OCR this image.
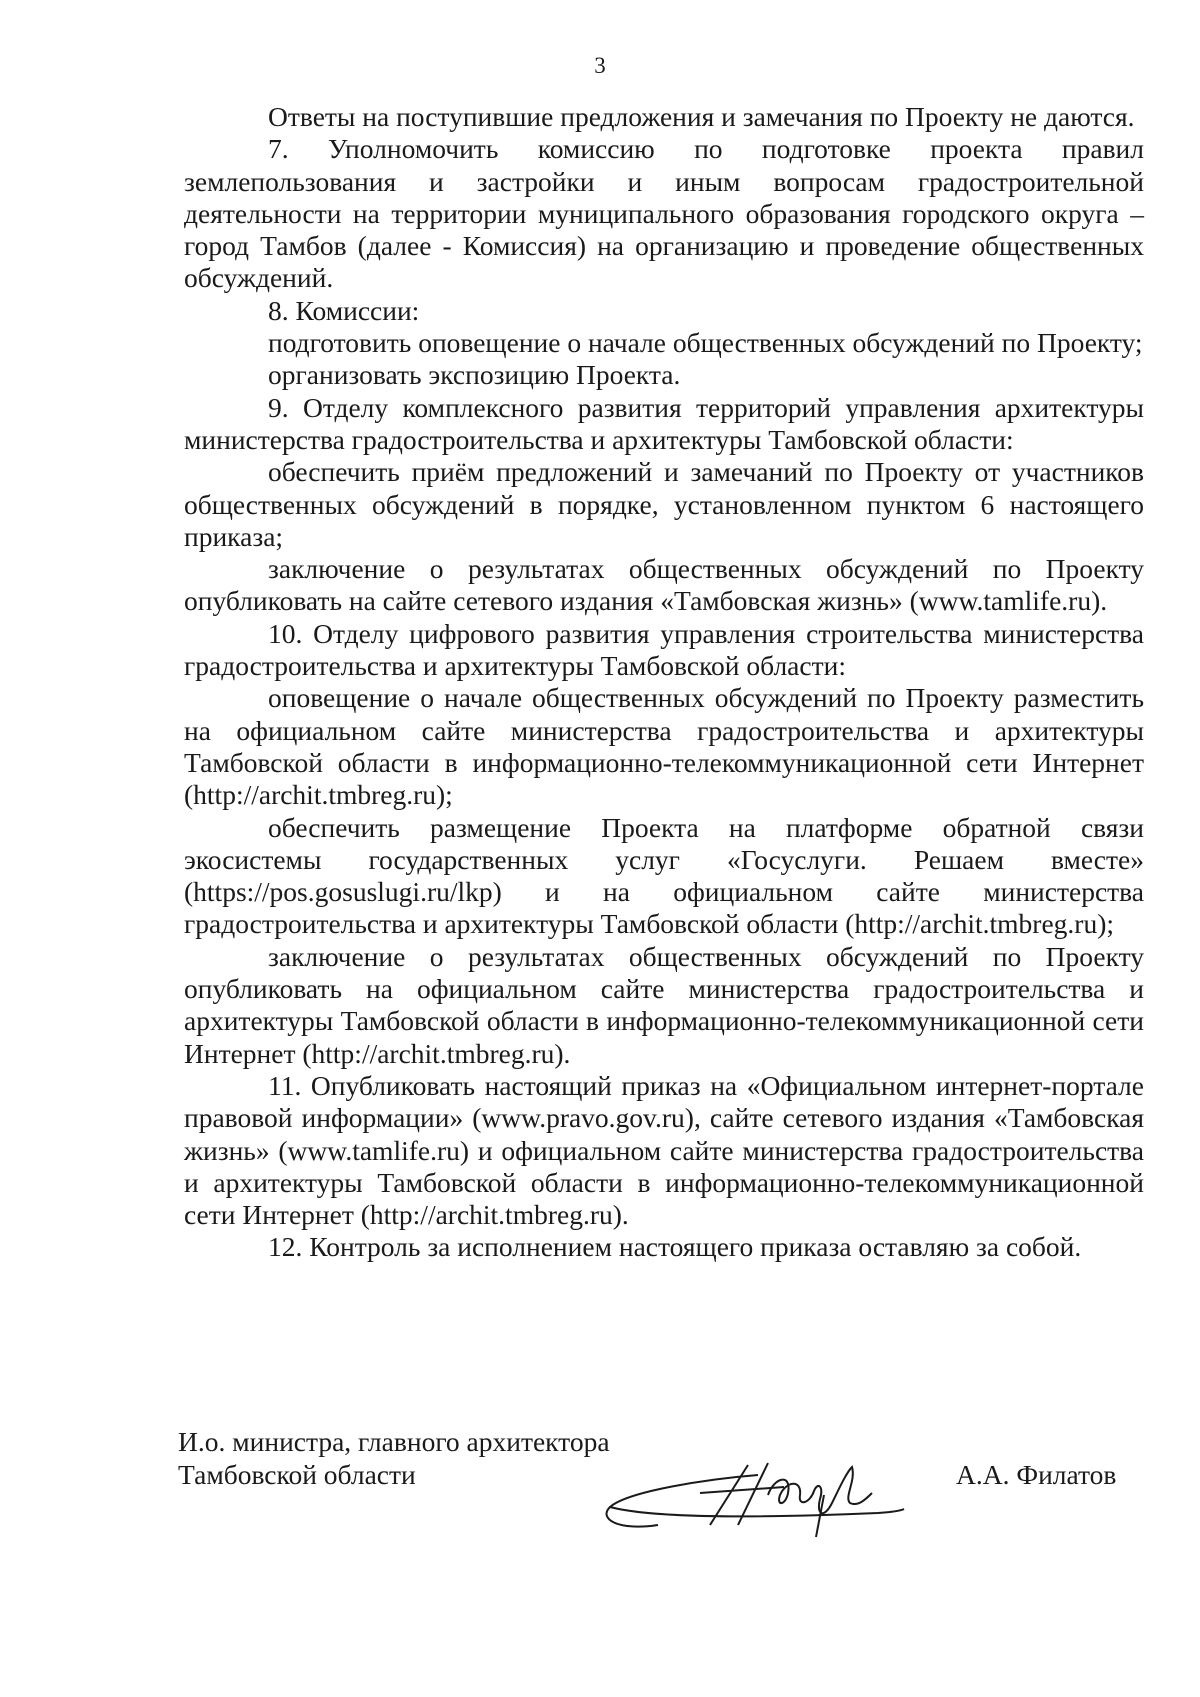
3

Ответы на поступившие предложения и замечания по Проекту не даются.

7. Уполномочить комиссию по подготовке проекта правил землепользования и застройки и иным вопросам градостроительной деятельности на территории муниципального образования городского округа – город Тамбов (далее - Комиссия) на организацию и проведение общественных обсуждений.

8. Комиссии:

подготовить оповещение о начале общественных обсуждений по Проекту;

организовать экспозицию Проекта.

9. Отделу комплексного развития территорий управления архитектуры министерства градостроительства и архитектуры Тамбовской области:

обеспечить приём предложений и замечаний по Проекту от участников общественных обсуждений в порядке, установленном пунктом 6 настоящего приказа;

заключение о результатах общественных обсуждений по Проекту опубликовать на сайте сетевого издания «Тамбовская жизнь» (www.tamlife.ru).

10. Отделу цифрового развития управления строительства министерства градостроительства и архитектуры Тамбовской области:

оповещение о начале общественных обсуждений по Проекту разместить на официальном сайте министерства градостроительства и архитектуры Тамбовской области в информационно-телекоммуникационной сети Интернет (http://archit.tmbreg.ru);

обеспечить размещение Проекта на платформе обратной связи экосистемы государственных услуг «Госуслуги. Решаем вместе» (https://pos.gosuslugi.ru/lkp) и на официальном сайте министерства градостроительства и архитектуры Тамбовской области (http://archit.tmbreg.ru);

заключение о результатах общественных обсуждений по Проекту опубликовать на официальном сайте министерства градостроительства и архитектуры Тамбовской области в информационно-телекоммуникационной сети Интернет (http://archit.tmbreg.ru).

11. Опубликовать настоящий приказ на «Официальном интернет-портале правовой информации» (www.pravo.gov.ru), сайте сетевого издания «Тамбовская жизнь» (www.tamlife.ru) и официальном сайте министерства градостроительства и архитектуры Тамбовской области в информационно-телекоммуникационной сети Интернет (http://archit.tmbreg.ru).

12. Контроль за исполнением настоящего приказа оставляю за собой.

И.о. министра, главного архитектора
Тамбовской области	А.А. Филатов
